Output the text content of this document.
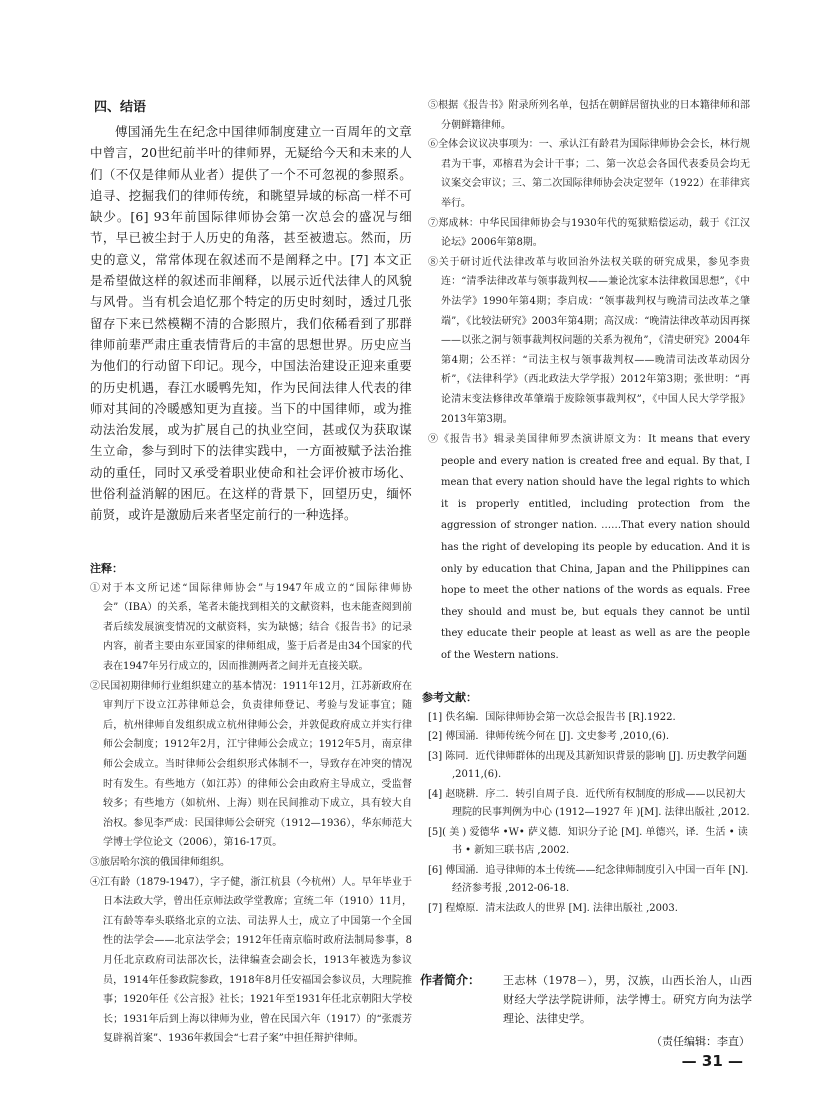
四、结语

傅国涌先生在纪念中国律师制度建立一百周年的文章中曾言，20世纪前半叶的律师界，无疑给今天和未来的人们（不仅是律师从业者）提供了一个不可忽视的参照系。追寻、挖掘我们的律师传统，和眺望异域的标高一样不可缺少。[6] 93年前国际律师协会第一次总会的盛况与细节，早已被尘封于人历史的角落，甚至被遗忘。然而，历史的意义，常常体现在叙述而不是阐释之中。[7] 本文正是希望做这样的叙述而非阐释，以展示近代法律人的风貌与风骨。当有机会追忆那个特定的历史时刻时，透过几张留存下来已然模糊不清的合影照片，我们依稀看到了那群律师前辈严肃庄重表情背后的丰富的思想世界。历史应当为他们的行动留下印记。现今，中国法治建设正迎来重要的历史机遇，春江水暖鸭先知，作为民间法律人代表的律师对其间的冷暖感知更为直接。当下的中国律师，或为推动法治发展，或为扩展自己的执业空间，甚或仅为获取谋生立命，参与到时下的法律实践中，一方面被赋予法治推动的重任，同时又承受着职业使命和社会评价被市场化、世俗利益消解的困厄。在这样的背景下，回望历史，缅怀前贤，或许是激励后来者坚定前行的一种选择。

注释：

①对于本文所记述“国际律师协会”与1947年成立的“国际律师协会”（IBA）的关系，笔者未能找到相关的文献资料，也未能查阅到前者后续发展演变情况的文献资料，实为缺憾；结合《报告书》的记录内容，前者主要由东亚国家的律师组成，鉴于后者是由34个国家的代表在1947年另行成立的，因而推测两者之间并无直接关联。

②民国初期律师行业组织建立的基本情况：1911年12月，江苏新政府在审判厅下设立江苏律师总会，负责律师登记、考验与发证事宜；随后，杭州律师自发组织成立杭州律师公会，并敦促政府成立并实行律师公会制度；1912年2月，江宁律师公会成立；1912年5月，南京律师公会成立。当时律师公会组织形式体制不一，导致存在冲突的情况时有发生。有些地方（如江苏）的律师公会由政府主导成立，受监督较多；有些地方（如杭州、上海）则在民间推动下成立，具有较大自治权。参见李严成：民国律师公会研究（1912—1936），华东师范大学博士学位论文（2006），第16-17页。

③旅居哈尔滨的俄国律师组织。

④江有龄（1879-1947），字子健，浙江杭县（今杭州）人。早年毕业于日本法政大学，曾出任京师法政学堂教席；宣统二年（1910）11月，江有龄等奉头联络北京的立法、司法界人士，成立了中国第一个全国性的法学会——北京法学会；1912年任南京临时政府法制局参事，8月任北京政府司法部次长，法律编查会副会长，1913年被选为参议员，1914年任参政院参政，1918年8月任安福国会参议员，大理院推事；1920年任《公言报》社长；1921年至1931年任北京朝阳大学校长；1931年后到上海以律师为业，曾在民国六年（1917）的“张震芳复辟祸首案”、1936年救国会“七君子案”中担任辩护律师。

⑤根据《报告书》附录所列名单，包括在朝鲜居留执业的日本籍律师和部分朝鲜籍律师。

⑥全体会议议决事项为：一、承认江有龄君为国际律师协会会长，林行规君为干事，邓榕君为会计干事；二、第一次总会各国代表委员会均无议案交会审议；三、第二次国际律师协会决定翌年（1922）在菲律宾举行。

⑦郑成林：中华民国律师协会与1930年代的冤狱赔偿运动，载于《江汉论坛》2006年第8期。

⑧关于研讨近代法律改革与收回治外法权关联的研究成果，参见李贵连：“清季法律改革与领事裁判权——兼论沈家本法律救国思想”，《中外法学》1990年第4期；李启成：“领事裁判权与晚清司法改革之肇端”，《比较法研究》2003年第4期；高汉成：“晚清法律改革动因再探——以张之洞与领事裁判权问题的关系为视角”，《清史研究》2004年第4期；公丕祥：“司法主权与领事裁判权——晚清司法改革动因分析”，《法律科学》（西北政法大学学报）2012年第3期；张世明：“再论清末变法修律改革肇端于废除领事裁判权”，《中国人民大学学报》2013年第3期。

⑨《报告书》辑录美国律师罗杰演讲原文为：It means that every people and every nation is created free and equal. By that, I mean that every nation should have the legal rights to which it is properly entitled, including protection from the aggression of stronger nation. ……That every nation should has the right of developing its people by education. And it is only by education that China, Japan and the Philippines can hope to meet the other nations of the words as equals. Free they should and must be, but equals they cannot be until they educate their people at least as well as are the people of the Western nations.

参考文献：

[1] 佚名编．国际律师协会第一次总会报告书 [R].1922.

[2] 傅国涌．律师传统今何在 [J]. 文史参考 ,2010,(6).

[3] 陈同．近代律师群体的出现及其新知识背景的影响 [J]. 历史教学问题 ,2011,(6).

[4] 赵晓耕．序二．转引自周子良．近代所有权制度的形成——以民初大理院的民事判例为中心 (1912—1927 年 )[M]. 法律出版社 ,2012.

[5]( 美 ) 爱德华 •W• 萨义德．知识分子论 [M]. 单德兴，译．生活 • 读书 • 新知三联书店 ,2002.

[6] 傅国涌．追寻律师的本土传统——纪念律师制度引入中国一百年 [N]. 经济参考报 ,2012-06-18.

[7] 程燎原．清末法政人的世界 [M]. 法律出版社 ,2003.

作者简介： 王志林（1978－），男，汉族，山西长治人，山西财经大学法学院讲师，法学博士。研究方向为法学理论、法律史学。
（责任编辑：李直）
— 31 —
